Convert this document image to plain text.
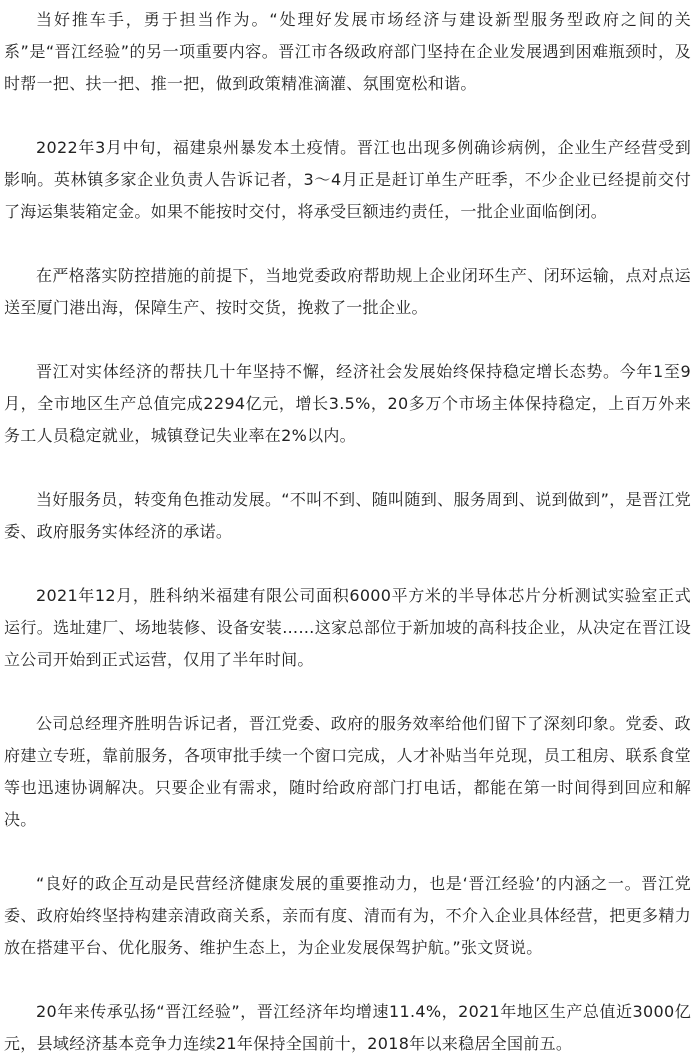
当好推车手，勇于担当作为。“处理好发展市场经济与建设新型服务型政府之间的关系”是“晋江经验”的另一项重要内容。晋江市各级政府部门坚持在企业发展遇到困难瓶颈时，及时帮一把、扶一把、推一把，做到政策精准滴灌、氛围宽松和谐。

2022年3月中旬，福建泉州暴发本土疫情。晋江也出现多例确诊病例，企业生产经营受到影响。英林镇多家企业负责人告诉记者，3～4月正是赶订单生产旺季，不少企业已经提前交付了海运集装箱定金。如果不能按时交付，将承受巨额违约责任，一批企业面临倒闭。

在严格落实防控措施的前提下，当地党委政府帮助规上企业闭环生产、闭环运输，点对点运送至厦门港出海，保障生产、按时交货，挽救了一批企业。

晋江对实体经济的帮扶几十年坚持不懈，经济社会发展始终保持稳定增长态势。今年1至9月，全市地区生产总值完成2294亿元，增长3.5%，20多万个市场主体保持稳定，上百万外来务工人员稳定就业，城镇登记失业率在2%以内。

当好服务员，转变角色推动发展。“不叫不到、随叫随到、服务周到、说到做到”，是晋江党委、政府服务实体经济的承诺。

2021年12月，胜科纳米福建有限公司面积6000平方米的半导体芯片分析测试实验室正式运行。选址建厂、场地装修、设备安装……这家总部位于新加坡的高科技企业，从决定在晋江设立公司开始到正式运营，仅用了半年时间。

公司总经理齐胜明告诉记者，晋江党委、政府的服务效率给他们留下了深刻印象。党委、政府建立专班，靠前服务，各项审批手续一个窗口完成，人才补贴当年兑现，员工租房、联系食堂等也迅速协调解决。只要企业有需求，随时给政府部门打电话，都能在第一时间得到回应和解决。

“良好的政企互动是民营经济健康发展的重要推动力，也是‘晋江经验’的内涵之一。晋江党委、政府始终坚持构建亲清政商关系，亲而有度、清而有为，不介入企业具体经营，把更多精力放在搭建平台、优化服务、维护生态上，为企业发展保驾护航。”张文贤说。

20年来传承弘扬“晋江经验”，晋江经济年均增速11.4%，2021年地区生产总值近3000亿元，县域经济基本竞争力连续21年保持全国前十，2018年以来稳居全国前五。
